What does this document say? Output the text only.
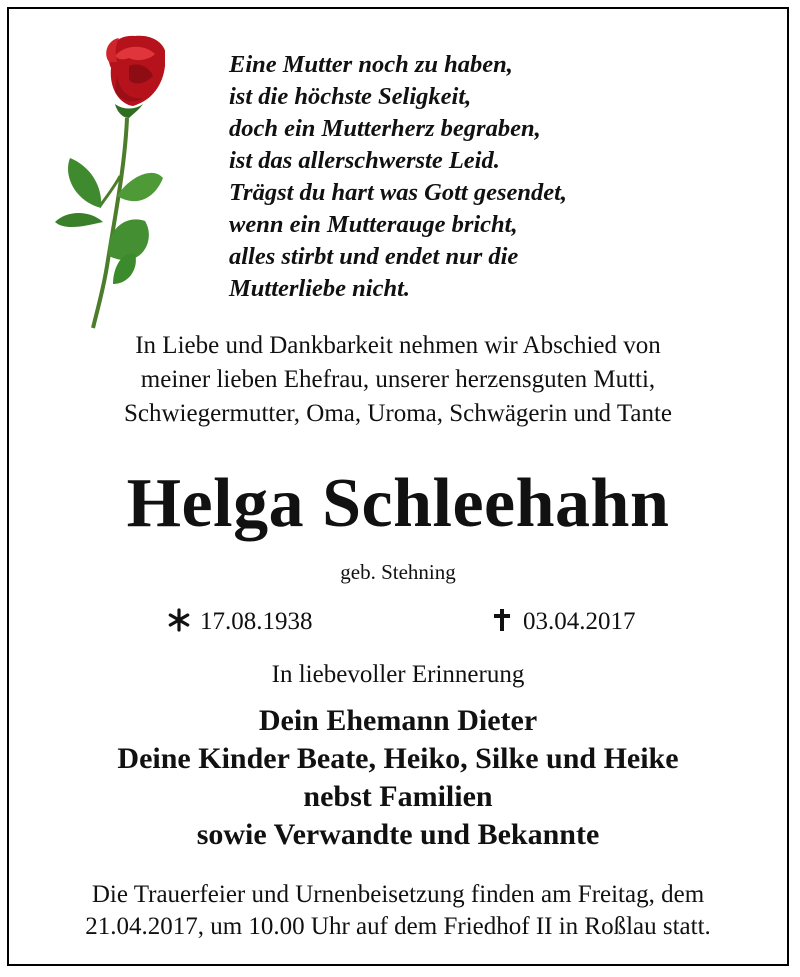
Eine Mutter noch zu haben,
ist die höchste Seligkeit,
doch ein Mutterherz begraben,
ist das allerschwerste Leid.
Trägst du hart was Gott gesendet,
wenn ein Mutterauge bricht,
alles stirbt und endet nur die
Mutterliebe nicht.
In Liebe und Dankbarkeit nehmen wir Abschied von
meiner lieben Ehefrau, unserer herzensguten Mutti,
Schwiegermutter, Oma, Uroma, Schwägerin und Tante
Helga Schleehahn
geb. Stehning
17.08.1938	03.04.2017
In liebevoller Erinnerung
Dein Ehemann Dieter
Deine Kinder Beate, Heiko, Silke und Heike
nebst Familien
sowie Verwandte und Bekannte
Die Trauerfeier und Urnenbeisetzung finden am Freitag, dem
21.04.2017, um 10.00 Uhr auf dem Friedhof II in Roßlau statt.
